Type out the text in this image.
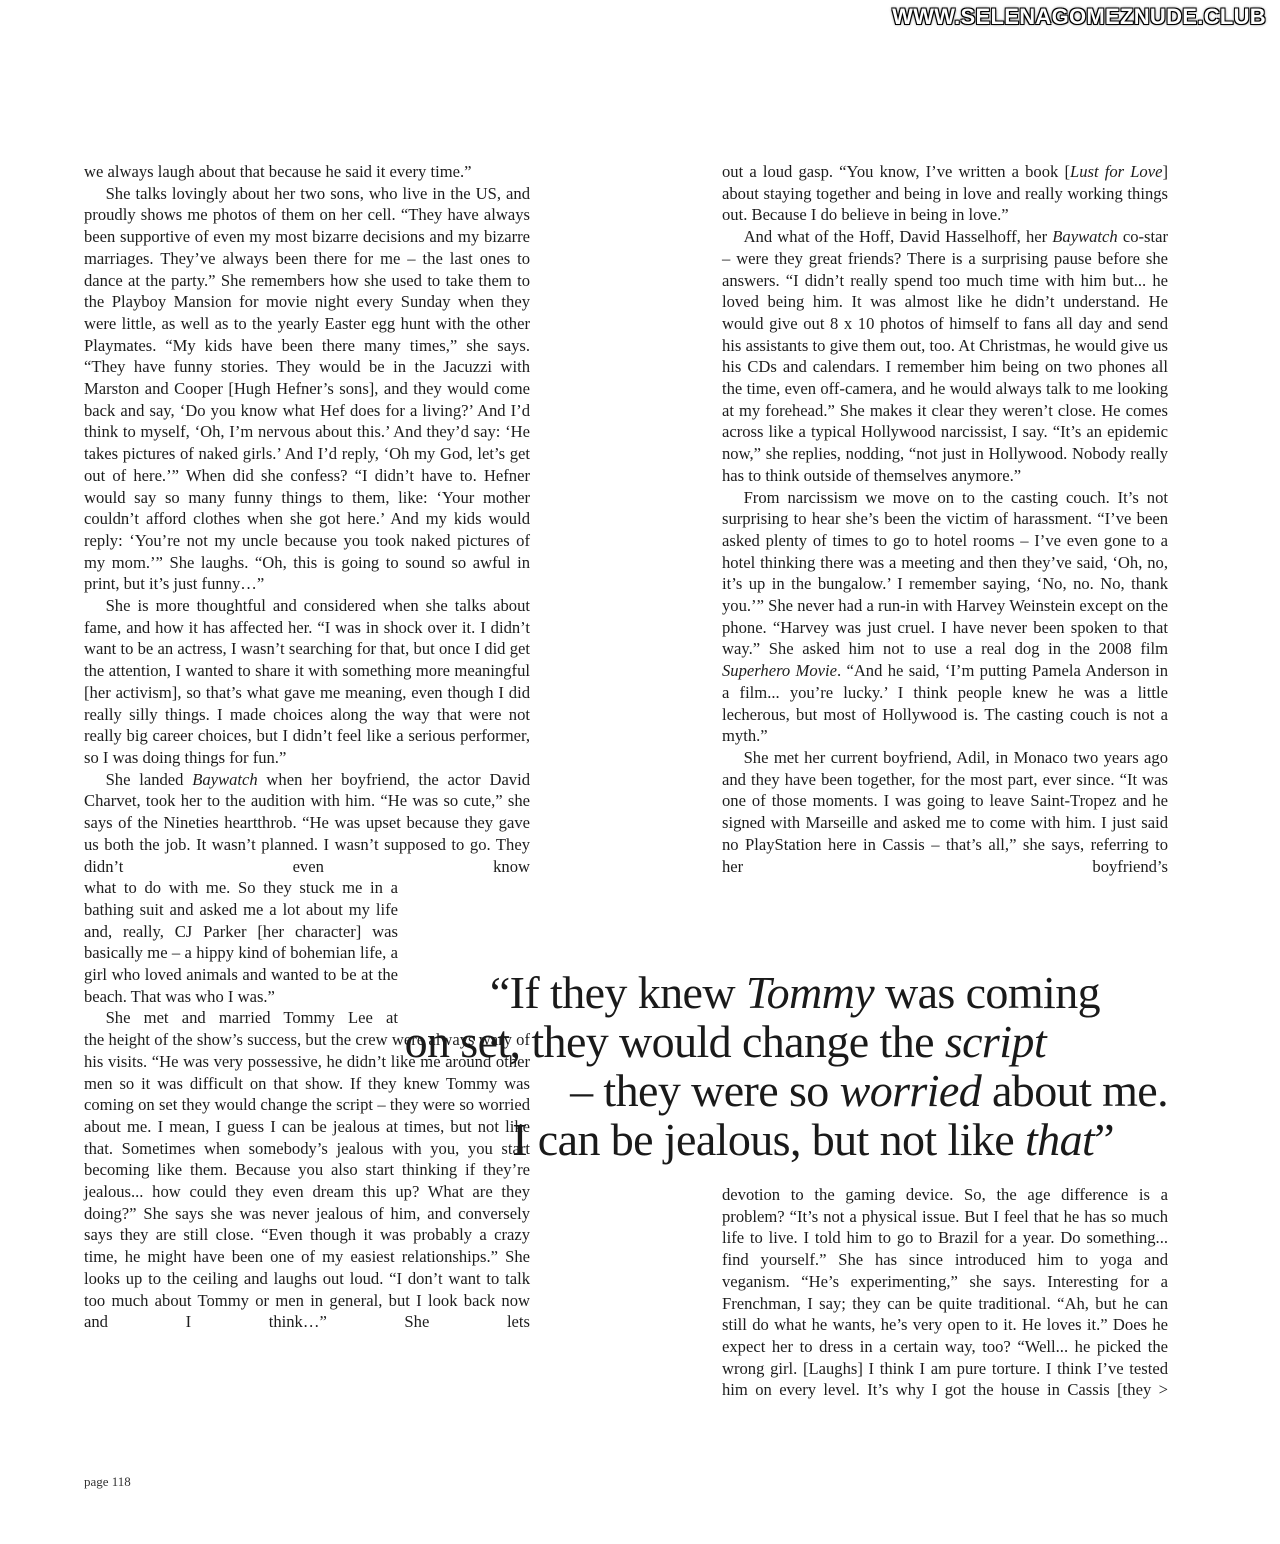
WWW.SELENAGOMEZNUDE.CLUB

we always laugh about that because he said it every time.”

She talks lovingly about her two sons, who live in the US, and proudly shows me photos of them on her cell. “They have always been supportive of even my most bizarre decisions and my bizarre marriages. They’ve always been there for me – the last ones to dance at the party.” She remembers how she used to take them to the Playboy Mansion for movie night every Sunday when they were little, as well as to the yearly Easter egg hunt with the other Playmates. “My kids have been there many times,” she says. “They have funny stories. They would be in the Jacuzzi with Marston and Cooper [Hugh Hefner’s sons], and they would come back and say, ‘Do you know what Hef does for a living?’ And I’d think to myself, ‘Oh, I’m nervous about this.’ And they’d say: ‘He takes pictures of naked girls.’ And I’d reply, ‘Oh my God, let’s get out of here.’” When did she confess? “I didn’t have to. Hefner would say so many funny things to them, like: ‘Your mother couldn’t afford clothes when she got here.’ And my kids would reply: ‘You’re not my uncle because you took naked pictures of my mom.’” She laughs. “Oh, this is going to sound so awful in print, but it’s just funny…”

She is more thoughtful and considered when she talks about fame, and how it has affected her. “I was in shock over it. I didn’t want to be an actress, I wasn’t searching for that, but once I did get the attention, I wanted to share it with something more meaningful [her activism], so that’s what gave me meaning, even though I did really silly things. I made choices along the way that were not really big career choices, but I didn’t feel like a serious performer, so I was doing things for fun.”

She landed Baywatch when her boyfriend, the actor David Charvet, took her to the audition with him. “He was so cute,” she says of the Nineties heartthrob. “He was upset because they gave us both the job. It wasn’t planned. I wasn’t supposed to go. They didn’t even know

what to do with me. So they stuck me in a bathing suit and asked me a lot about my life and, really, CJ Parker [her character] was basically me – a hippy kind of bohemian life, a girl who loved animals and wanted to be at the beach. That was who I was.”

She met and married Tommy Lee at

the height of the show’s success, but the crew were always wary of his visits. “He was very possessive, he didn’t like me around other men so it was difficult on that show. If they knew Tommy was coming on set they would change the script – they were so worried about me. I mean, I guess I can be jealous at times, but not like that. Sometimes when somebody’s jealous with you, you start becoming like them. Because you also start thinking if they’re jealous... how could they even dream this up? What are they doing?” She says she was never jealous of him, and conversely says they are still close. “Even though it was probably a crazy time, he might have been one of my easiest relationships.” She looks up to the ceiling and laughs out loud. “I don’t want to talk too much about Tommy or men in general, but I look back now and I think…” She lets

out a loud gasp. “You know, I’ve written a book [Lust for Love] about staying together and being in love and really working things out. Because I do believe in being in love.”

And what of the Hoff, David Hasselhoff, her Baywatch co-star – were they great friends? There is a surprising pause before she answers. “I didn’t really spend too much time with him but... he loved being him. It was almost like he didn’t understand. He would give out 8 x 10 photos of himself to fans all day and send his assistants to give them out, too. At Christmas, he would give us his CDs and calendars. I remember him being on two phones all the time, even off-camera, and he would always talk to me looking at my forehead.” She makes it clear they weren’t close. He comes across like a typical Hollywood narcissist, I say. “It’s an epidemic now,” she replies, nodding, “not just in Hollywood. Nobody really has to think outside of themselves anymore.”

From narcissism we move on to the casting couch. It’s not surprising to hear she’s been the victim of harassment. “I’ve been asked plenty of times to go to hotel rooms – I’ve even gone to a hotel thinking there was a meeting and then they’ve said, ‘Oh, no, it’s up in the bungalow.’ I remember saying, ‘No, no. No, thank you.’” She never had a run-in with Harvey Weinstein except on the phone. “Harvey was just cruel. I have never been spoken to that way.” She asked him not to use a real dog in the 2008 film Superhero Movie. “And he said, ‘I’m putting Pamela Anderson in a film... you’re lucky.’ I think people knew he was a little lecherous, but most of Hollywood is. The casting couch is not a myth.”

She met her current boyfriend, Adil, in Monaco two years ago and they have been together, for the most part, ever since. “It was one of those moments. I was going to leave Saint-Tropez and he signed with Marseille and asked me to come with him. I just said no PlayStation here in Cassis – that’s all,” she says, referring to her boyfriend’s

“If they knew Tommy was coming
on set, they would change the script
– they were so worried about me.
I can be jealous, but not like that”

devotion to the gaming device. So, the age difference is a problem? “It’s not a physical issue. But I feel that he has so much life to live. I told him to go to Brazil for a year. Do something... find yourself.” She has since introduced him to yoga and veganism. “He’s experimenting,” she says. Interesting for a Frenchman, I say; they can be quite traditional. “Ah, but he can still do what he wants, he’s very open to it. He loves it.” Does he expect her to dress in a certain way, too? “Well... he picked the wrong girl. [Laughs] I think I am pure torture. I think I’ve tested him on every level. It’s why I got the house in Cassis [they >

page 118
